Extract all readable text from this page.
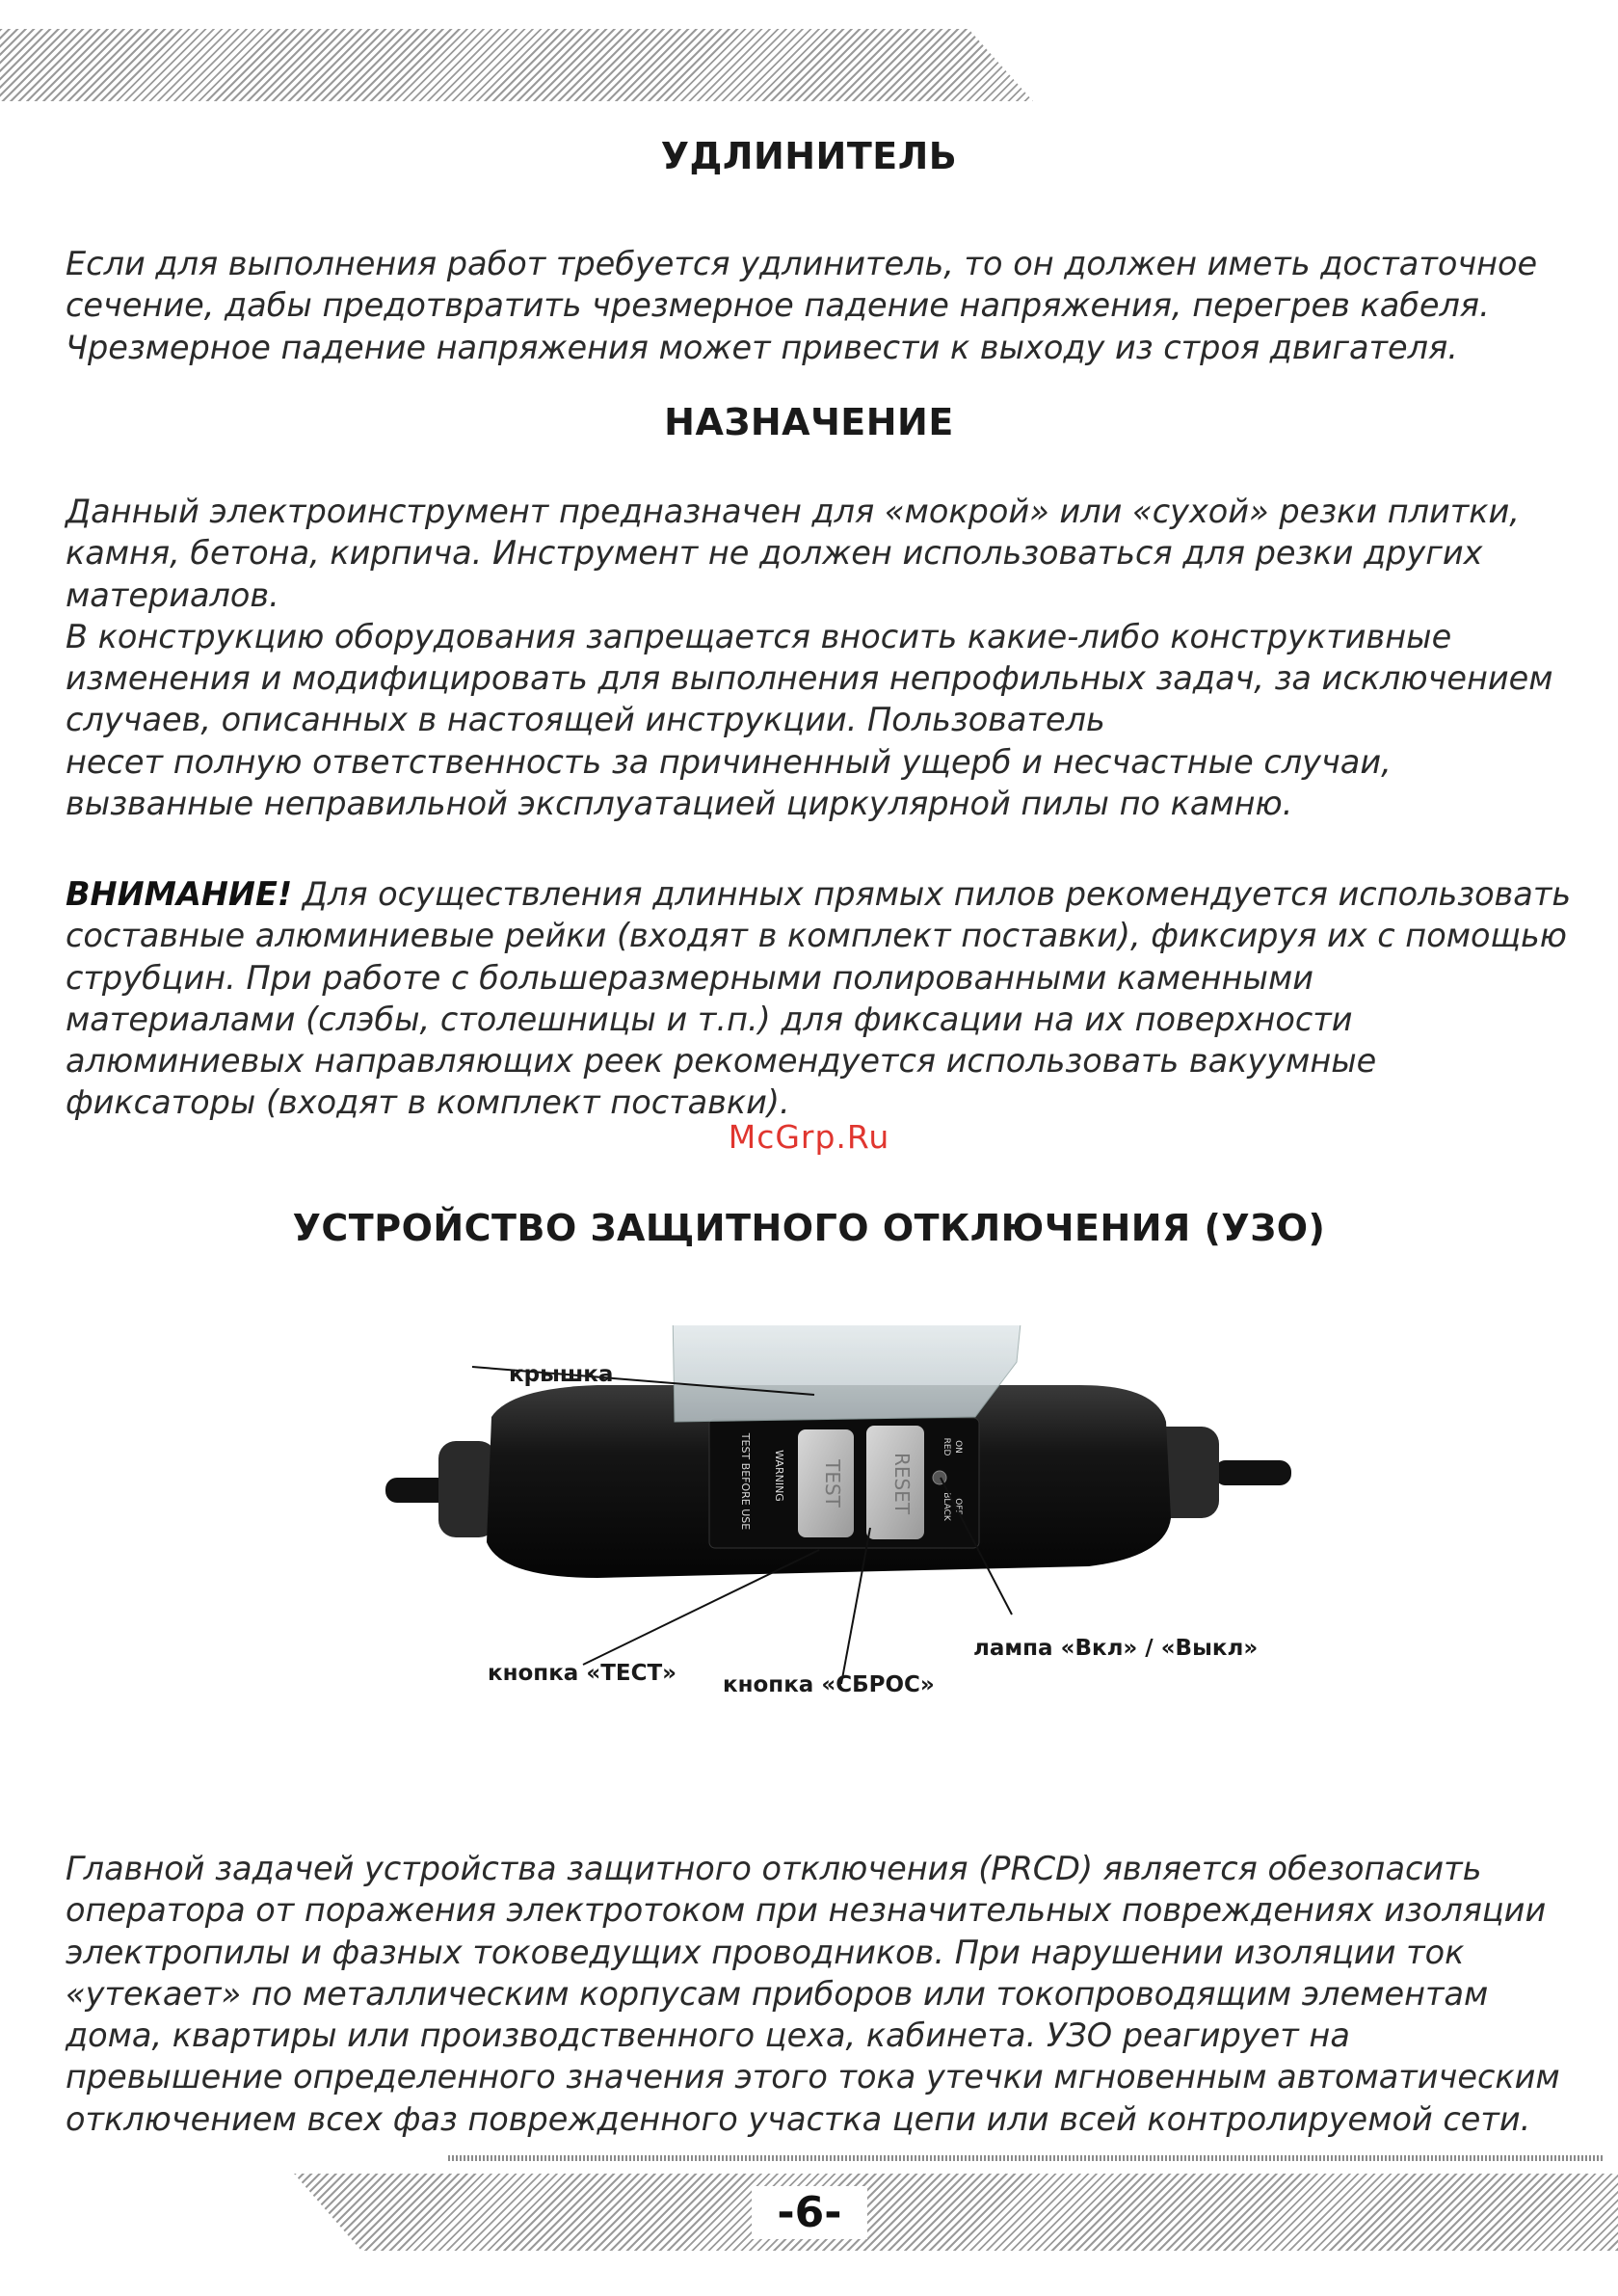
УДЛИНИТЕЛЬ
Если для выполнения работ требуется удлинитель, то он должен иметь достаточное
сечение, дабы предотвратить чрезмерное падение напряжения, перегрев кабеля.
Чрезмерное падение напряжения может привести к выходу из строя двигателя.
НАЗНАЧЕНИЕ
Данный электроинструмент предназначен для «мокрой» или «сухой» резки плитки,
камня, бетона, кирпича. Инструмент не должен использоваться для резки других
материалов.
В конструкцию оборудования запрещается вносить какие-либо конструктивные
изменения и модифицировать для выполнения непрофильных задач, за исключением
случаев, описанных в настоящей инструкции. Пользователь
несет полную ответственность за причиненный ущерб и несчастные случаи,
вызванные неправильной эксплуатацией циркулярной пилы по камню.
ВНИМАНИЕ! Для осуществления длинных прямых пилов рекомендуется использовать
составные алюминиевые рейки (входят в комплект поставки), фиксируя их с помощью
струбцин. При работе с большеразмерными полированными каменными
материалами (слэбы, столешницы и т.п.) для фиксации на их поверхности
алюминиевых направляющих реек рекомендуется использовать вакуумные
фиксаторы (входят в комплект поставки).

McGrp.Ru

УСТРОЙСТВО ЗАЩИТНОГО ОТКЛЮЧЕНИЯ (УЗО)
WARNING
TEST BEFORE USE	TEST RESET
RED ON
BLACK OFF
крышка
кнопка «ТЕСТ» кнопка «СБРОС»
лампа «Вкл» / «Выкл»
Главной задачей устройства защитного отключения (PRCD) является обезопасить
оператора от поражения электротоком при незначительных повреждениях изоляции
электропилы и фазных токоведущих проводников. При нарушении изоляции ток
«утекает» по металлическим корпусам приборов или токопроводящим элементам
дома, квартиры или производственного цеха, кабинета. УЗО реагирует на
превышение определенного значения этого тока утечки мгновенным автоматическим
отключением всех фаз поврежденного участка цепи или всей контролируемой сети.
-6-
